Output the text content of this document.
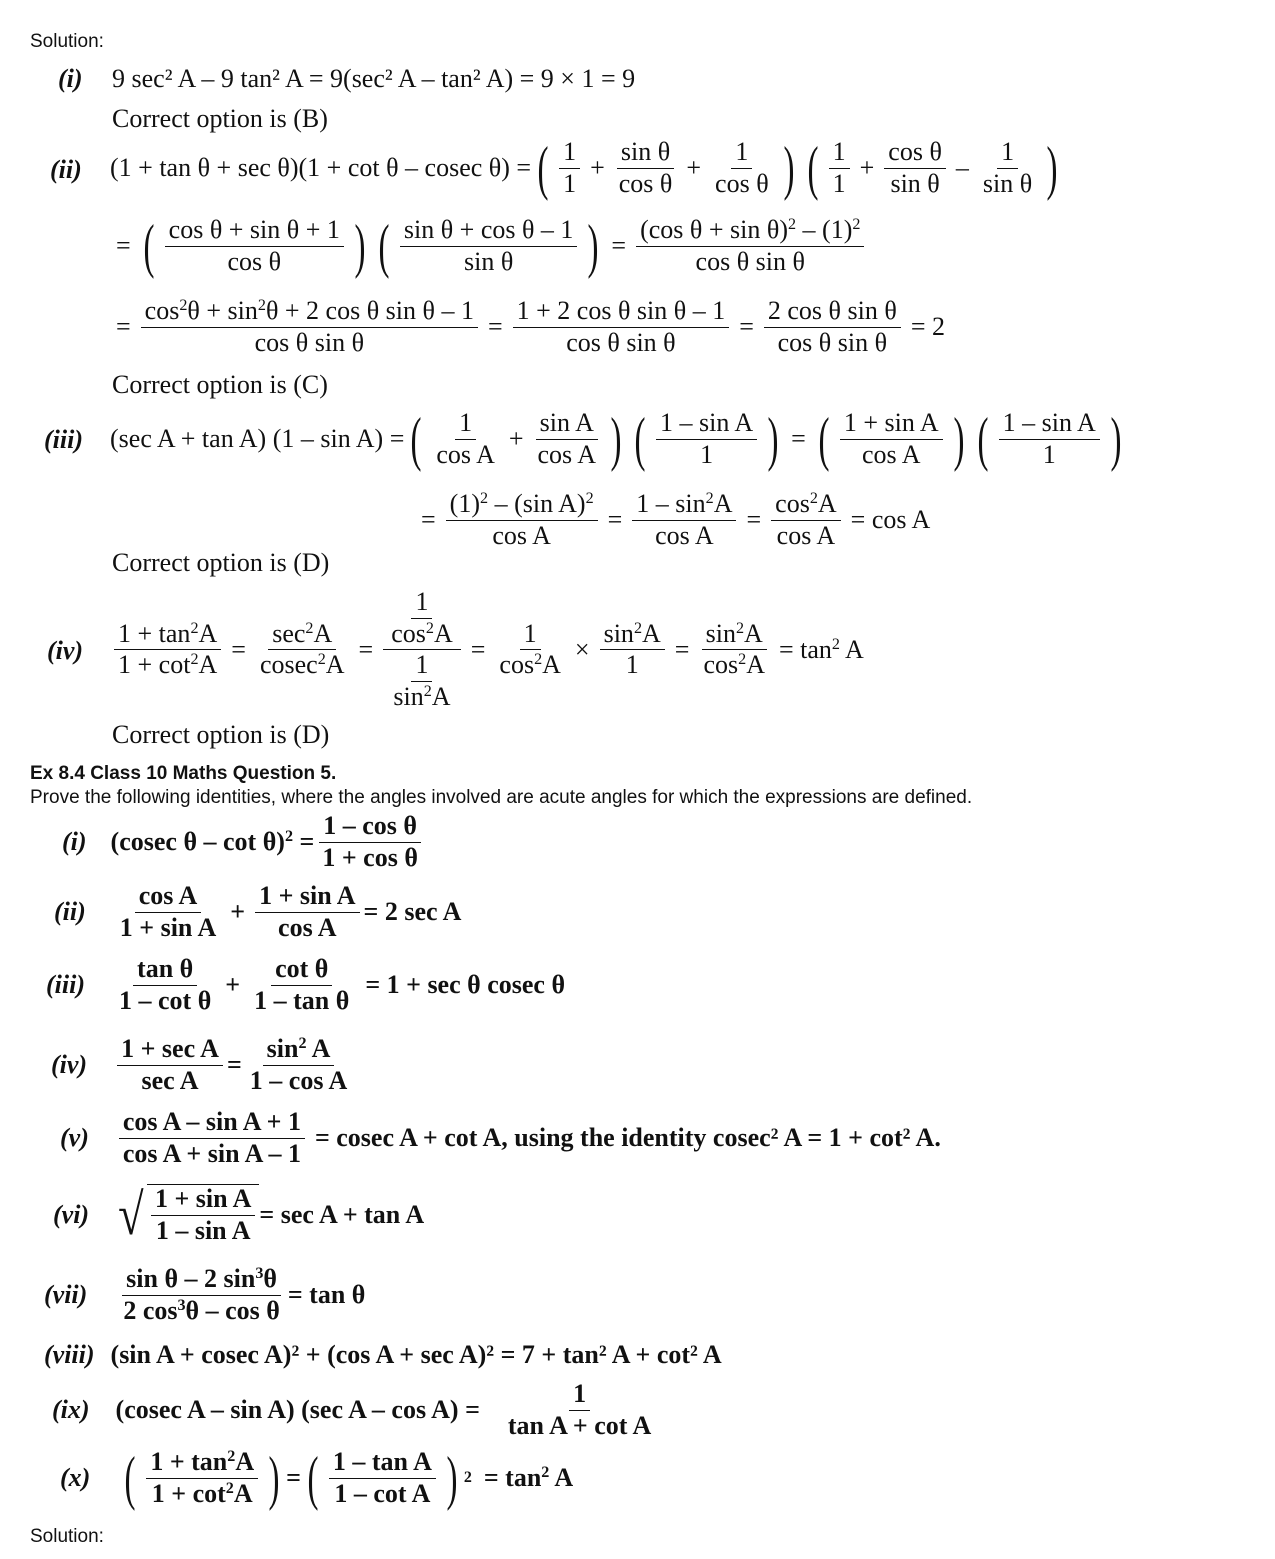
Solution:
(i) 9 sec² A – 9 tan² A = 9(sec² A – tan² A) = 9 × 1 = 9
Correct option is (B)
(ii) (1 + tan θ + sec θ)(1 + cot θ – cosec θ) = ( $\frac{1}{1} + \frac{\text{sin θ}}{\text{cos θ}} + \frac{1}{\text{cos θ}}$ ) ( $\frac{1}{1} + \frac{\text{cos θ}}{\text{sin θ}} - \frac{1}{\text{sin θ}}$ )
= ( $\frac{\text{cos θ + sin θ + 1}}{\text{cos θ}}$ ) ( $\frac{\text{sin θ + cos θ – 1}}{\text{sin θ}}$ ) = $\frac{(\cos \theta + \sin \theta)^2 - (1)^2}{\text{cos θ sin θ}}$
= $\frac{\cos^2\theta + \sin^2\theta + 2 \cos \theta \sin \theta - 1}{\text{cos θ sin θ}} = \frac{\text{1 + 2 cos θ sin θ – 1}}{\text{cos θ sin θ}} = \frac{\text{2 cos θ sin θ}}{\text{cos θ sin θ}} = 2$
Correct option is (C)
(iii) (sec A + tan A) (1 – sin A) = ( $\frac{1}{\text{cos A}} + \frac{\text{sin A}}{\text{cos A}}$ ) ( $\frac{\text{1 – sin A}}{1}$ ) = ( $\frac{\text{1 + sin A}}{\text{cos A}}$ ) ( $\frac{\text{1 – sin A}}{1}$ )
= $\frac{(1)^2 - (\sin A)^2}{\text{cos A}} = \frac{1 - \sin^2A}{\text{cos A}} = \frac{\cos^2A}{\text{cos A}} = \cos A$
Correct option is (D)
$(iv) \frac{1 + \tan^2A}{1 + \cot^2A} = \frac{\sec^2A}{cosec^2A} = \frac{\frac{1}{\cos^2A}}{\frac{1}{\sin^2A}} = \frac{1}{\cos^2A} \times \frac{\sin^2A}{1} = \frac{\sin^2A}{\cos^2A} = \tan^2 A$
Correct option is (D)
Ex 8.4 Class 10 Maths Question 5.
Prove the following identities, where the angles involved are acute angles for which the expressions are defined.
(i) (cosec $\theta - \cot \theta)^2 = \frac{\text{1 – cos θ}}{\text{1 + cos θ}}$
$(ii) \frac{\text{cos A}}{\text{1 + sin A}} + \frac{\text{1 + sin A}}{\text{cos A}} = 2$ sec A
$(iii) \frac{\text{tan θ}}{\text{1 – cot θ}} + \frac{\text{cot θ}}{\text{1 – tan θ}} = 1 + \sec \theta$ cosec θ
$(iv) \frac{\text{1 + sec A}}{\text{sec A}} = \frac{\sin^2 A}{\text{1 – cos A}}$
$(v) \frac{\text{cos A – sin A + 1}}{\text{cos A + sin A – 1}} = cosec$ A + cot A, using the identity cosec² A = 1 + cot² A.
(vi) √ $\frac{\text{1 + sin A}}{\text{1 – sin A}} = \sec A + \tan A$
$(vii) \frac{\sin \theta - 2 \sin^3\theta}{2 \cos^3\theta - \cos \theta} = \tan \theta$
(viii) (sin A + cosec A)² + (cos A + sec A)² = 7 + tan² A + cot² A
(ix) (cosec A – sin A) (sec $A - \cos A) = \frac{1}{\text{tan A + cot A}}$
(x) ( $\frac{1 + \tan^2A}{1 + \cot^2A}$ ) = ( $\frac{\text{1 – tan A}}{\text{1 – cot A}}$ ) $2 = \tan^2 A$
Solution:
